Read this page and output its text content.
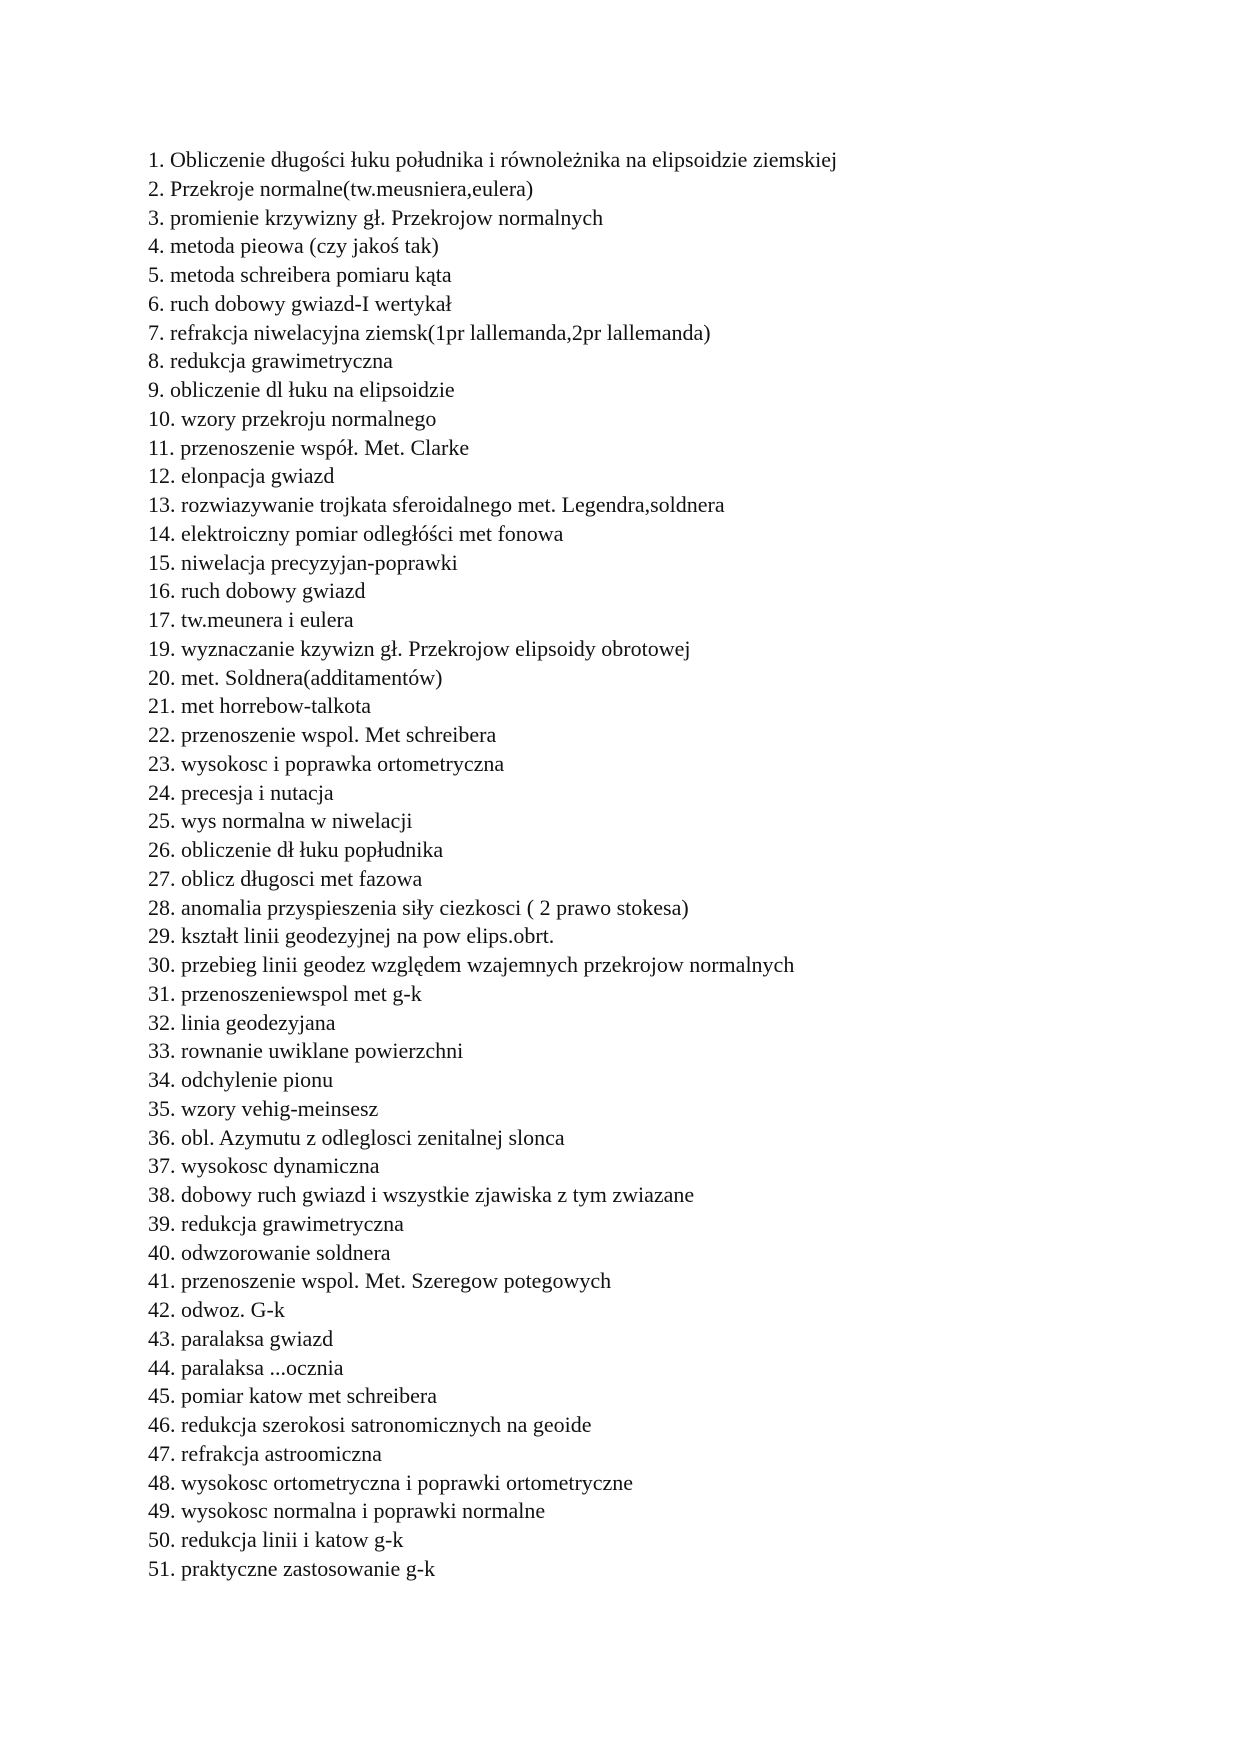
1. Obliczenie długości łuku południka i równoleżnika na elipsoidzie ziemskiej
2. Przekroje normalne(tw.meusniera,eulera)
3. promienie krzywizny gł. Przekrojow normalnych
4. metoda pieowa (czy jakoś tak)
5. metoda schreibera pomiaru kąta
6. ruch dobowy gwiazd-I wertykał
7. refrakcja niwelacyjna ziemsk(1pr lallemanda,2pr lallemanda)
8. redukcja grawimetryczna
9. obliczenie dl łuku na elipsoidzie
10. wzory przekroju normalnego
11. przenoszenie współ. Met. Clarke
12. elonpacja gwiazd
13. rozwiazywanie trojkata sferoidalnego met. Legendra,soldnera
14. elektroiczny pomiar odległóści met fonowa
15. niwelacja precyzyjan-poprawki
16. ruch dobowy gwiazd
17. tw.meunera i eulera
19. wyznaczanie kzywizn gł. Przekrojow elipsoidy obrotowej
20. met. Soldnera(additamentów)
21. met horrebow-talkota
22. przenoszenie wspol. Met schreibera
23. wysokosc i poprawka ortometryczna
24. precesja i nutacja
25. wys normalna w niwelacji
26. obliczenie dł łuku popłudnika
27. oblicz długosci met fazowa
28. anomalia przyspieszenia siły ciezkosci ( 2 prawo stokesa)
29. kształt linii geodezyjnej na pow elips.obrt.
30. przebieg linii geodez względem wzajemnych przekrojow normalnych
31. przenoszeniewspol met g-k
32. linia geodezyjana
33. rownanie uwiklane powierzchni
34. odchylenie pionu
35. wzory vehig-meinsesz
36. obl. Azymutu z odleglosci zenitalnej slonca
37. wysokosc dynamiczna
38. dobowy ruch gwiazd i wszystkie zjawiska z tym zwiazane
39. redukcja grawimetryczna
40. odwzorowanie soldnera
41. przenoszenie wspol. Met. Szeregow potegowych
42. odwoz. G-k
43. paralaksa gwiazd
44. paralaksa ...ocznia
45. pomiar katow met schreibera
46. redukcja szerokosi satronomicznych na geoide
47. refrakcja astroomiczna
48. wysokosc ortometryczna i poprawki ortometryczne
49. wysokosc normalna i poprawki normalne
50. redukcja linii i katow g-k
51. praktyczne zastosowanie g-k
